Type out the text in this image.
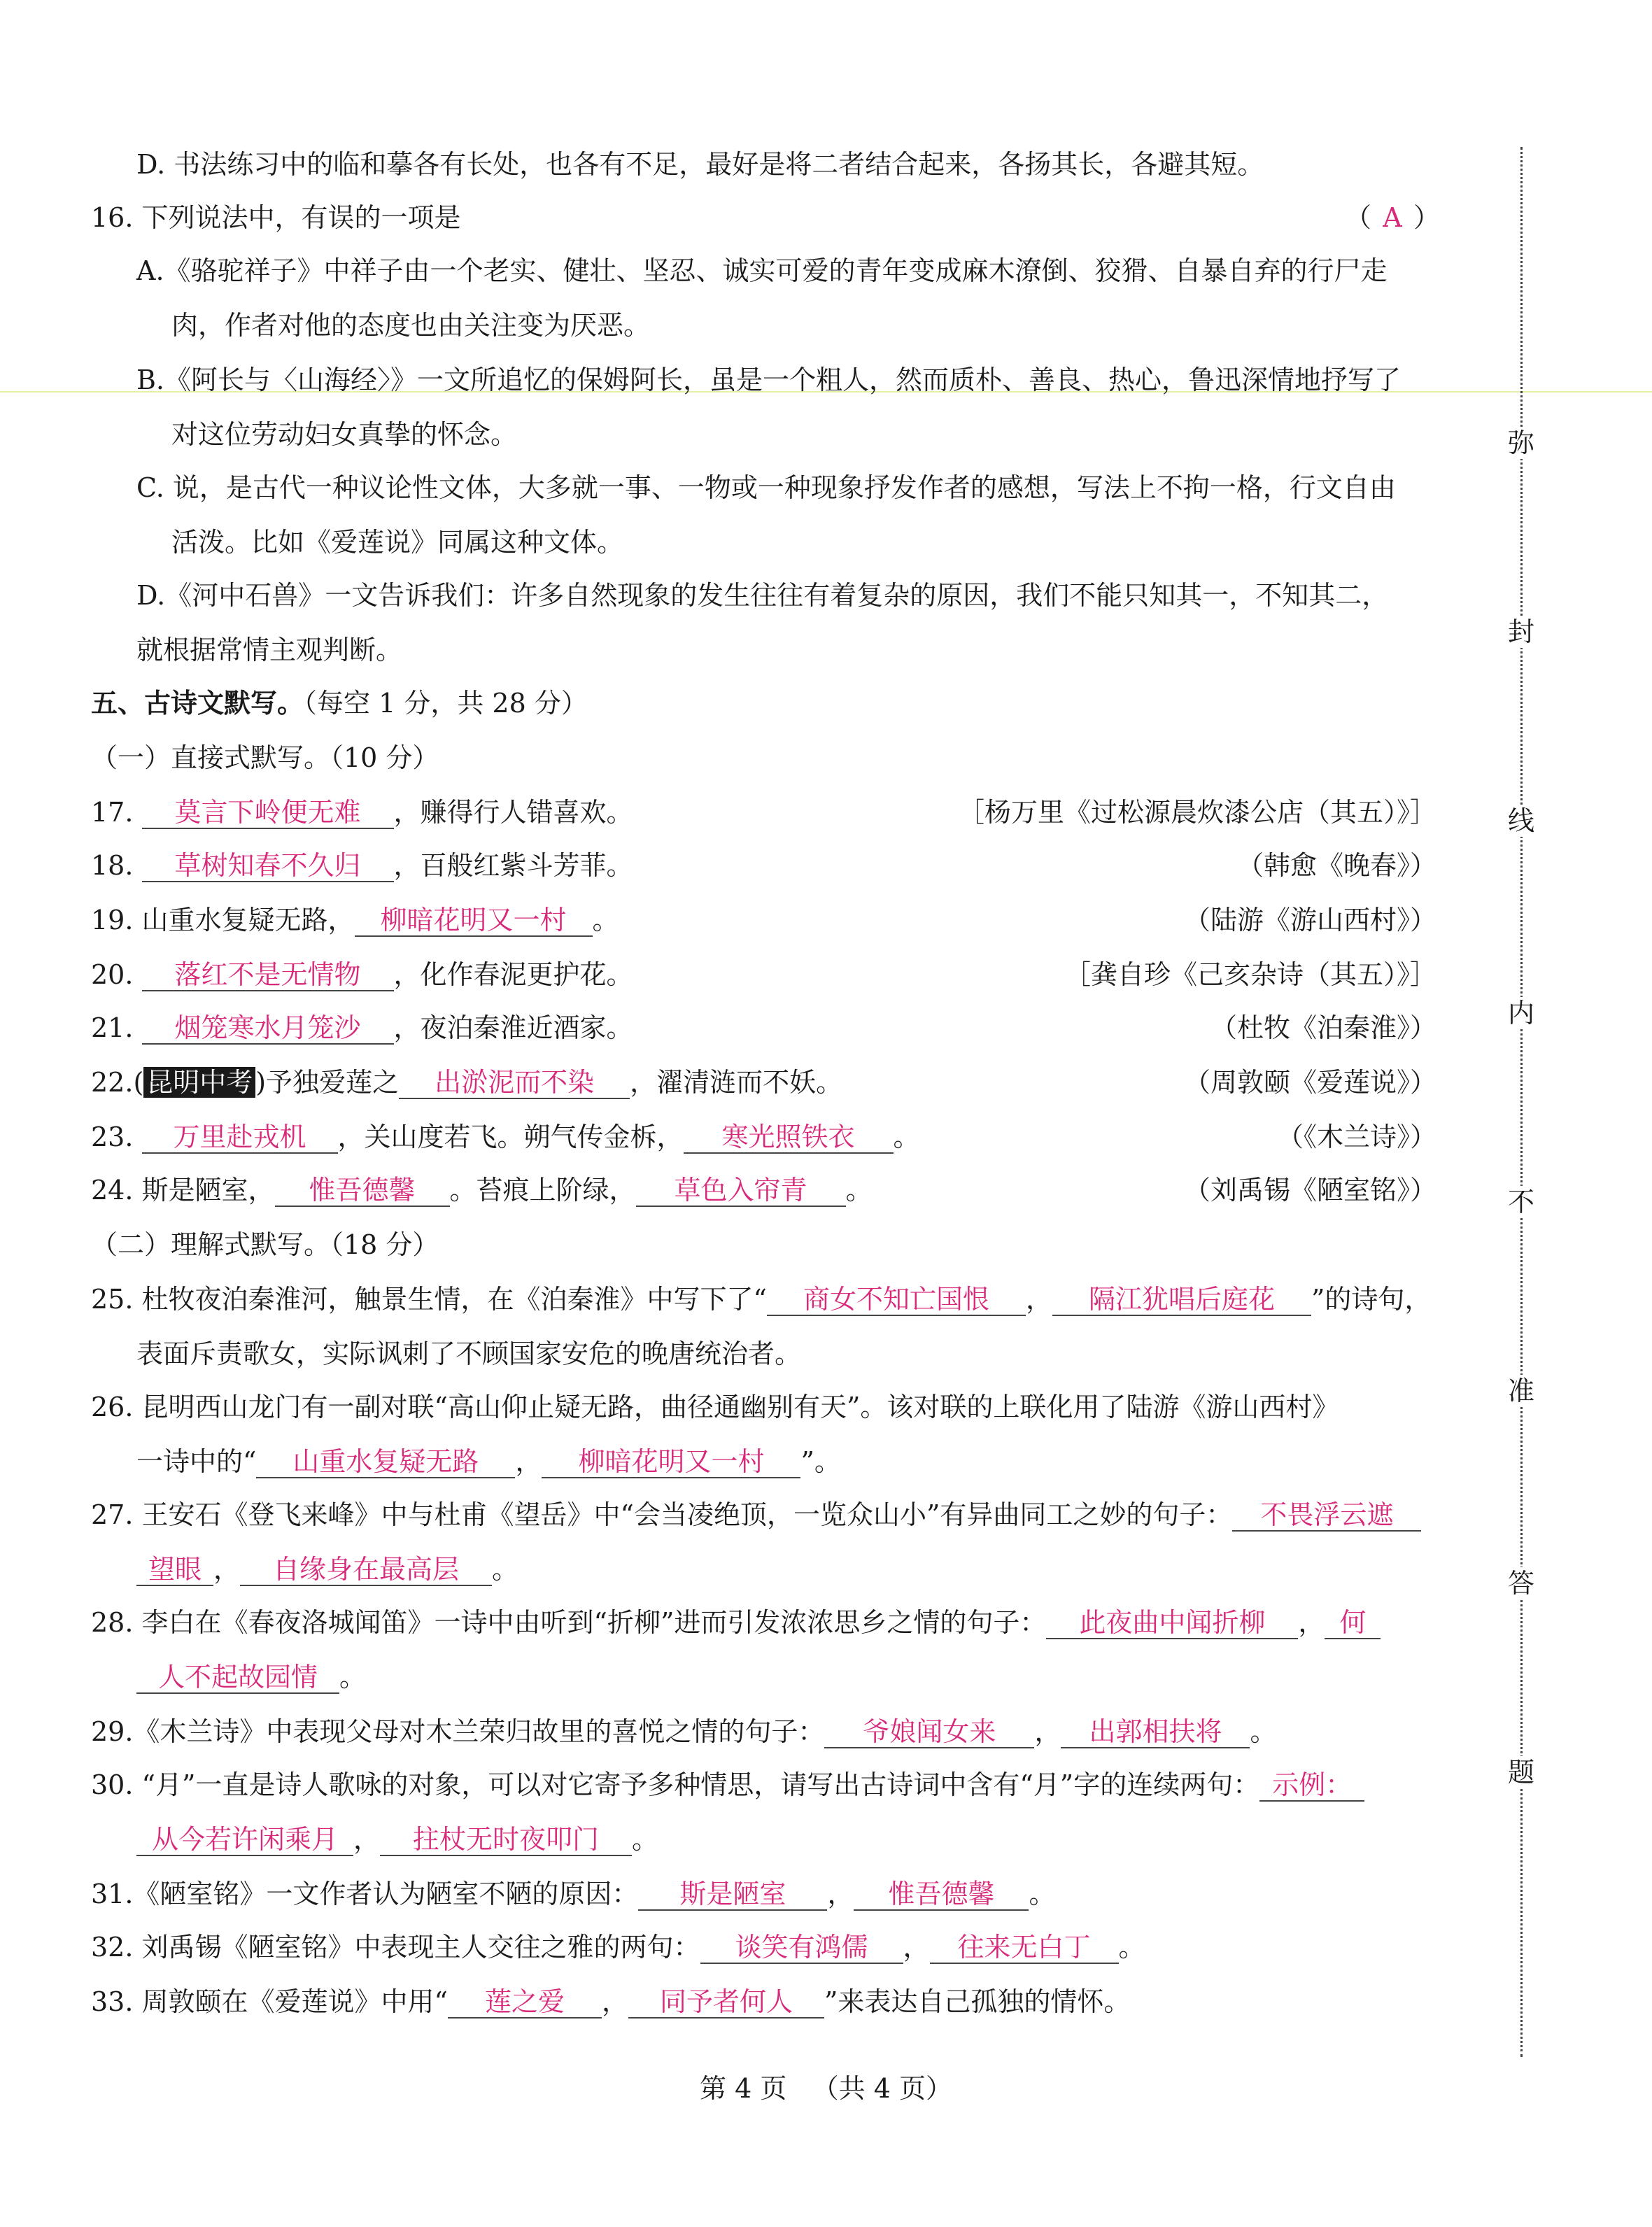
弥
封
线
内
不
准
答
题
D. 书法练习中的临和摹各有长处，也各有不足，最好是将二者结合起来，各扬其长，各避其短。
16. 下列说法中，有误的一项是	（ A ）
A.《骆驼祥子》中祥子由一个老实、健壮、坚忍、诚实可爱的青年变成麻木潦倒、狡猾、自暴自弃的行尸走
肉，作者对他的态度也由关注变为厌恶。
B.《阿长与〈山海经〉》一文所追忆的保姆阿长，虽是一个粗人，然而质朴、善良、热心，鲁迅深情地抒写了
对这位劳动妇女真挚的怀念。
C. 说，是古代一种议论性文体，大多就一事、一物或一种现象抒发作者的感想，写法上不拘一格，行文自由
活泼。比如《爱莲说》同属这种文体。
D.《河中石兽》一文告诉我们：许多自然现象的发生往往有着复杂的原因，我们不能只知其一，不知其二，
就根据常情主观判断。
五、古诗文默写。（每空 1 分，共 28 分）
（一）直接式默写。（10 分）
17. 莫言下岭便无难 ，赚得行人错喜欢。	［杨万里《过松源晨炊漆公店（其五）》］
18. 草树知春不久归 ，百般红紫斗芳菲。	（韩愈《晚春》）
19. 山重水复疑无路， 柳暗花明又一村 。	（陆游《游山西村》）
20. 落红不是无情物 ，化作春泥更护花。	［龚自珍《己亥杂诗（其五）》］
21. 烟笼寒水月笼沙 ，夜泊秦淮近酒家。	（杜牧《泊秦淮》）
22.( 昆明中考 )予独爱莲之 出淤泥而不染 ，濯清涟而不妖。	（周敦颐《爱莲说》）
23. 万里赴戎机 ，关山度若飞。朔气传金柝， 寒光照铁衣 。	（《木兰诗》）
24. 斯是陋室， 惟吾德馨 。苔痕上阶绿， 草色入帘青 。	（刘禹锡《陋室铭》）
（二）理解式默写。（18 分）
25. 杜牧夜泊秦淮河，触景生情，在《泊秦淮》中写下了“ 商女不知亡国恨 ， 隔江犹唱后庭花 ”的诗句，
表面斥责歌女，实际讽刺了不顾国家安危的晚唐统治者。
26. 昆明西山龙门有一副对联“高山仰止疑无路，曲径通幽别有天”。该对联的上联化用了陆游《游山西村》
一诗中的“ 山重水复疑无路 ， 柳暗花明又一村 ”。
27. 王安石《登飞来峰》中与杜甫《望岳》中“会当凌绝顶，一览众山小”有异曲同工之妙的句子： 不畏浮云遮
望眼 ， 自缘身在最高层 。
28. 李白在《春夜洛城闻笛》一诗中由听到“折柳”进而引发浓浓思乡之情的句子： 此夜曲中闻折柳 ， 何
人不起故园情 。
29.《木兰诗》中表现父母对木兰荣归故里的喜悦之情的句子： 爷娘闻女来 ， 出郭相扶将 。
30. “月”一直是诗人歌咏的对象，可以对它寄予多种情思，请写出古诗词中含有“月”字的连续两句： 示例：
从今若许闲乘月 ， 拄杖无时夜叩门 。
31.《陋室铭》一文作者认为陋室不陋的原因： 斯是陋室 ， 惟吾德馨 。
32. 刘禹锡《陋室铭》中表现主人交往之雅的两句： 谈笑有鸿儒 ， 往来无白丁 。
33. 周敦颐在《爱莲说》中用“ 莲之爱 ， 同予者何人 ”来表达自己孤独的情怀。
第 4 页 （共 4 页）
